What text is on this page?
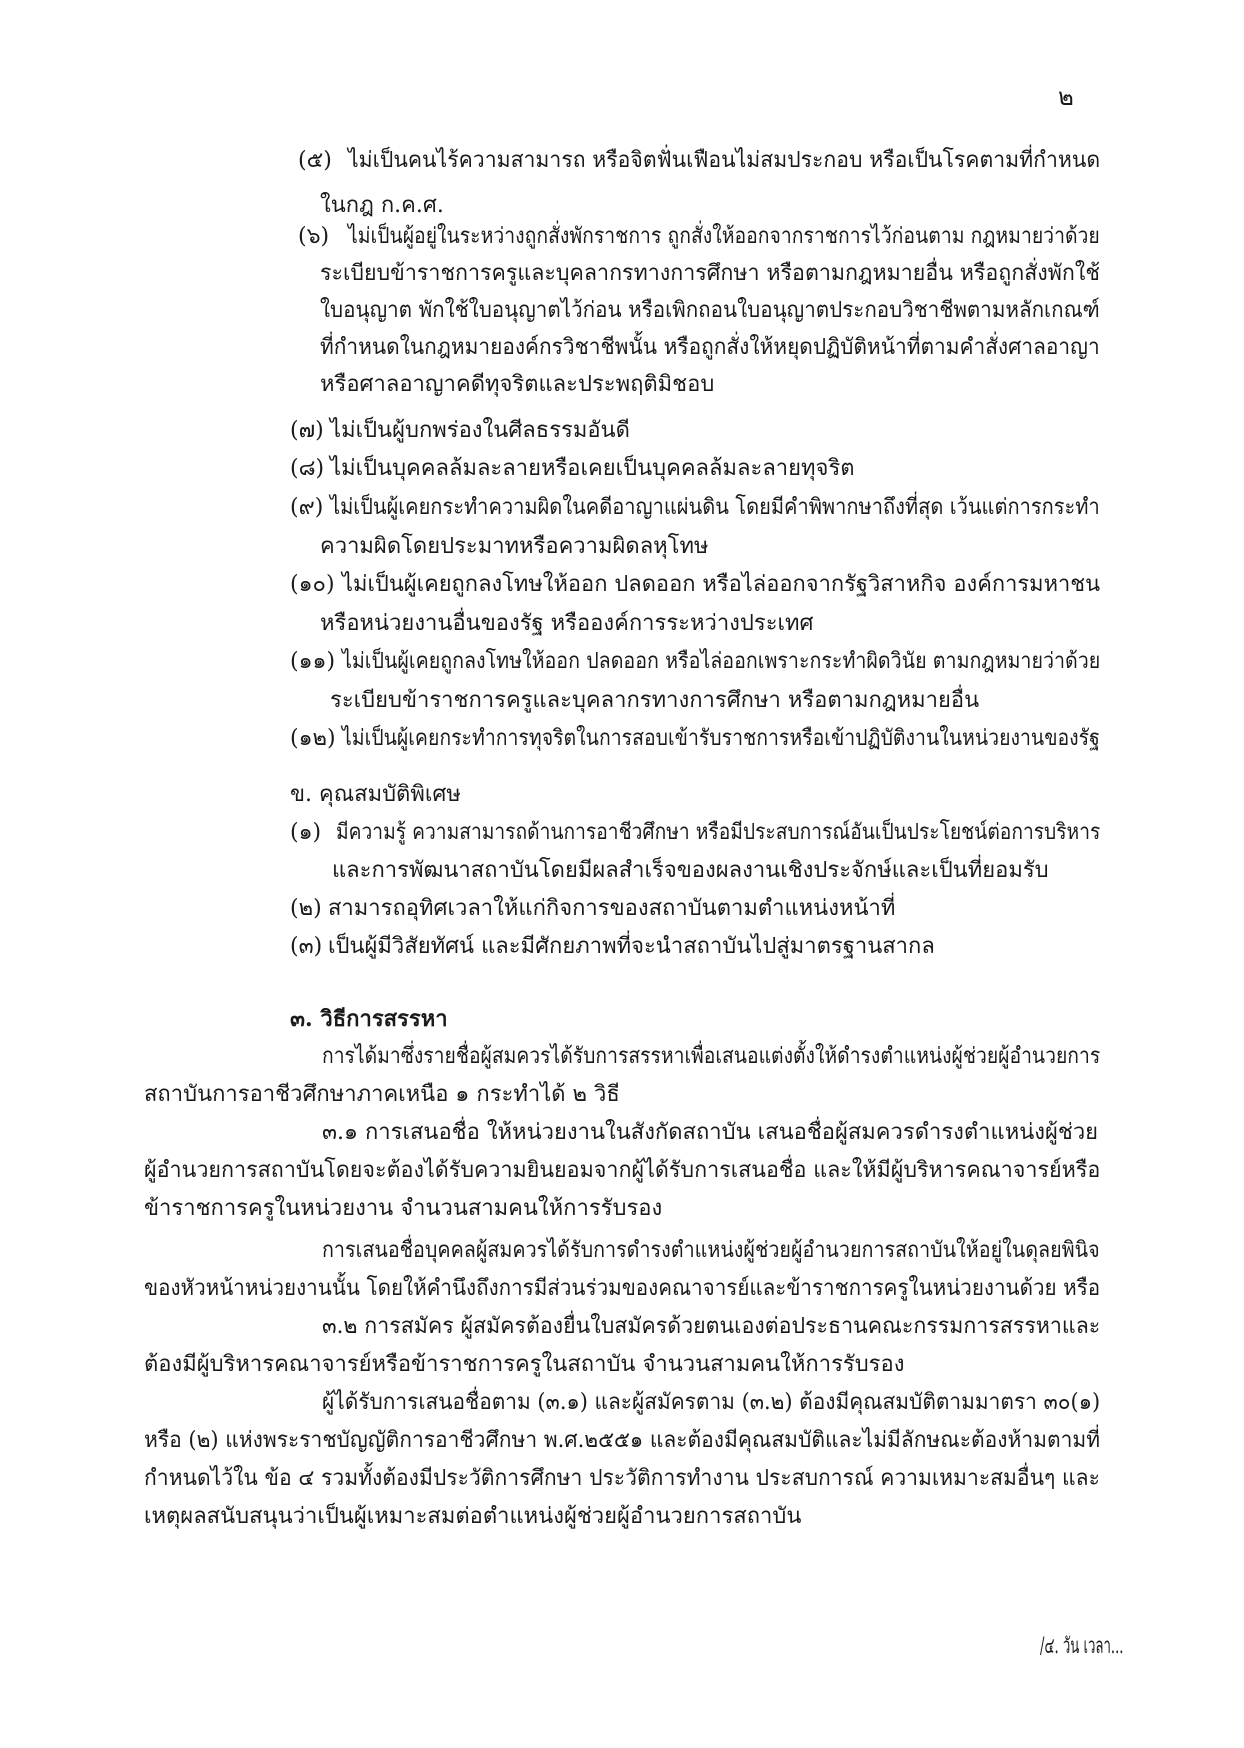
๒
(๕) ไม่เป็นคนไร้ความสามารถ หรือจิตฟั่นเฟือนไม่สมประกอบ หรือเป็นโรคตามที่กำหนด
ในกฎ ก.ค.ศ.
(๖) ไม่เป็นผู้อยู่ในระหว่างถูกสั่งพักราชการ ถูกสั่งให้ออกจากราชการไว้ก่อนตาม กฎหมายว่าด้วย
ระเบียบข้าราชการครูและบุคลากรทางการศึกษา หรือตามกฎหมายอื่น หรือถูกสั่งพักใช้
ใบอนุญาต พักใช้ใบอนุญาตไว้ก่อน หรือเพิกถอนใบอนุญาตประกอบวิชาชีพตามหลักเกณฑ์
ที่กำหนดในกฎหมายองค์กรวิชาชีพนั้น หรือถูกสั่งให้หยุดปฏิบัติหน้าที่ตามคำสั่งศาลอาญา
หรือศาลอาญาคดีทุจริตและประพฤติมิชอบ
(๗) ไม่เป็นผู้บกพร่องในศีลธรรมอันดี
(๘) ไม่เป็นบุคคลล้มละลายหรือเคยเป็นบุคคลล้มละลายทุจริต
(๙) ไม่เป็นผู้เคยกระทำความผิดในคดีอาญาแผ่นดิน โดยมีคำพิพากษาถึงที่สุด เว้นแต่การกระทำ
ความผิดโดยประมาทหรือความผิดลหุโทษ
(๑๐) ไม่เป็นผู้เคยถูกลงโทษให้ออก ปลดออก หรือไล่ออกจากรัฐวิสาหกิจ องค์การมหาชน
หรือหน่วยงานอื่นของรัฐ หรือองค์การระหว่างประเทศ
(๑๑) ไม่เป็นผู้เคยถูกลงโทษให้ออก ปลดออก หรือไล่ออกเพราะกระทำผิดวินัย ตามกฎหมายว่าด้วย
ระเบียบข้าราชการครูและบุคลากรทางการศึกษา หรือตามกฎหมายอื่น
(๑๒) ไม่เป็นผู้เคยกระทำการทุจริตในการสอบเข้ารับราชการหรือเข้าปฏิบัติงานในหน่วยงานของรัฐ
ข. คุณสมบัติพิเศษ
(๑) มีความรู้ ความสามารถด้านการอาชีวศึกษา หรือมีประสบการณ์อันเป็นประโยชน์ต่อการบริหาร
และการพัฒนาสถาบันโดยมีผลสำเร็จของผลงานเชิงประจักษ์และเป็นที่ยอมรับ
(๒) สามารถอุทิศเวลาให้แก่กิจการของสถาบันตามตำแหน่งหน้าที่
(๓) เป็นผู้มีวิสัยทัศน์ และมีศักยภาพที่จะนำสถาบันไปสู่มาตรฐานสากล
๓. วิธีการสรรหา
การได้มาซึ่งรายชื่อผู้สมควรได้รับการสรรหาเพื่อเสนอแต่งตั้งให้ดำรงตำแหน่งผู้ช่วยผู้อำนวยการ
สถาบันการอาชีวศึกษาภาคเหนือ ๑ กระทำได้ ๒ วิธี
๓.๑ การเสนอชื่อ ให้หน่วยงานในสังกัดสถาบัน เสนอชื่อผู้สมควรดำรงตำแหน่งผู้ช่วย
ผู้อำนวยการสถาบันโดยจะต้องได้รับความยินยอมจากผู้ได้รับการเสนอชื่อ และให้มีผู้บริหารคณาจารย์หรือ
ข้าราชการครูในหน่วยงาน จำนวนสามคนให้การรับรอง
การเสนอชื่อบุคคลผู้สมควรได้รับการดำรงตำแหน่งผู้ช่วยผู้อำนวยการสถาบันให้อยู่ในดุลยพินิจ
ของหัวหน้าหน่วยงานนั้น โดยให้คำนึงถึงการมีส่วนร่วมของคณาจารย์และข้าราชการครูในหน่วยงานด้วย หรือ
๓.๒ การสมัคร ผู้สมัครต้องยื่นใบสมัครด้วยตนเองต่อประธานคณะกรรมการสรรหาและ
ต้องมีผู้บริหารคณาจารย์หรือข้าราชการครูในสถาบัน จำนวนสามคนให้การรับรอง
ผู้ได้รับการเสนอชื่อตาม (๓.๑) และผู้สมัครตาม (๓.๒) ต้องมีคุณสมบัติตามมาตรา ๓๐(๑)
หรือ (๒) แห่งพระราชบัญญัติการอาชีวศึกษา พ.ศ.๒๕๕๑ และต้องมีคุณสมบัติและไม่มีลักษณะต้องห้ามตามที่
กำหนดไว้ใน ข้อ ๔ รวมทั้งต้องมีประวัติการศึกษา ประวัติการทำงาน ประสบการณ์ ความเหมาะสมอื่นๆ และ
เหตุผลสนับสนุนว่าเป็นผู้เหมาะสมต่อตำแหน่งผู้ช่วยผู้อำนวยการสถาบัน
/๔. วัน เวลา...
